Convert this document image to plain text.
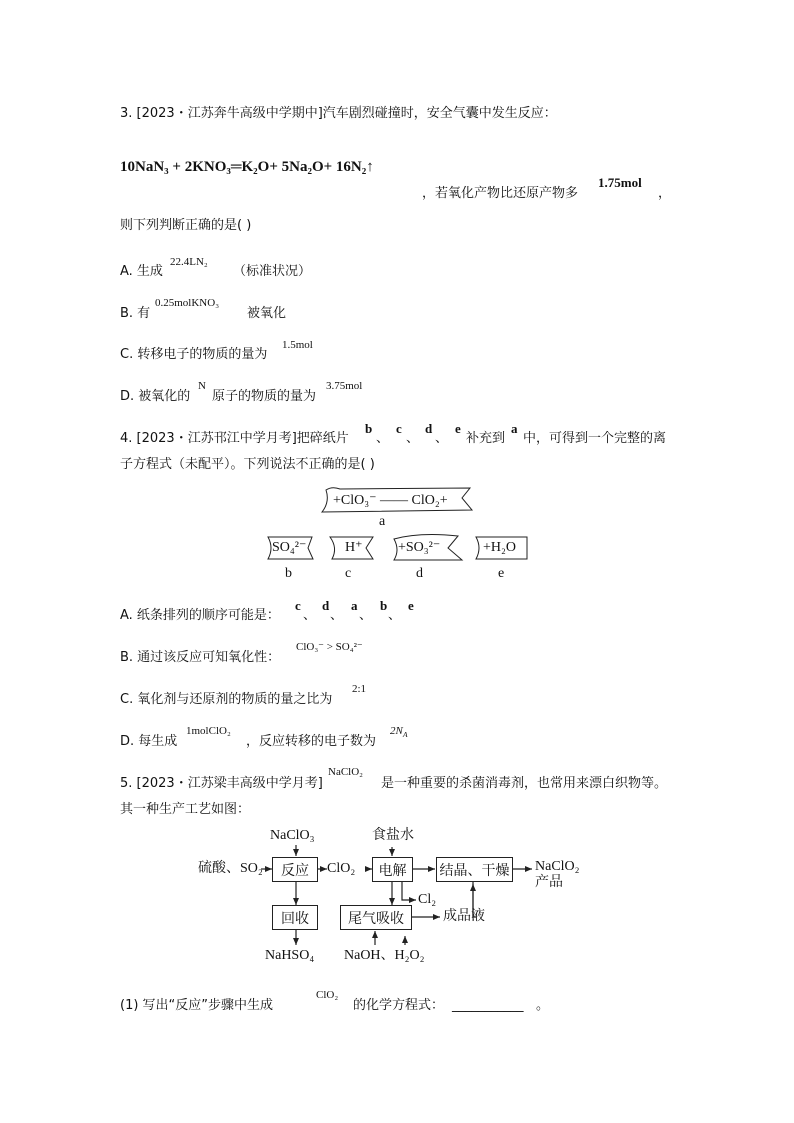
3. [2023・江苏奔牛高级中学期中]汽车剧烈碰撞时，安全气囊中发生反应：
10NaN₃ + 2KNO₃═K₂O+ 5Na₂O+ 16N₂↑
，若氧化产物比还原产物多
1.75mol
，
则下列判断正确的是( )
A. 生成
22.4LN₂
（标准状况）
B. 有
0.25molKNO₃
被氧化
C. 转移电子的物质的量为
1.5mol
D. 被氧化的
N
原子的物质的量为
3.75mol
4. [2023・江苏邗江中学月考]把碎纸片
b
、
c
、
d
、
e
补充到
a
中，可得到一个完整的离
子方程式（未配平）。下列说法不正确的是( )
+ClO₃⁻ —— ClO₂+
a
SO₄²⁻
b
H⁺
c
+SO₃²⁻
d
+H₂O
e
A. 纸条排列的顺序可能是：
c
、
d
、
a
、
b
、
e
B. 通过该反应可知氧化性：
ClO₃⁻ > SO₄²⁻
C. 氧化剂与还原剂的物质的量之比为
2:1
D. 每生成
1molClO₂
，反应转移的电子数为
$2N_A$
5. [2023・江苏梁丰高级中学月考]
NaClO₂
是一种重要的杀菌消毒剂，也常用来漂白织物等。
其一种生产工艺如图：
NaClO₃	食盐水
硫酸、SO₂	反应	ClO₂	电解	结晶、干燥 NaClO₂
产品
Cl₂
回收	尾气吸收	成品液
NaHSO₄ NaOH、H₂O₂
(1) 写出“反应”步骤中生成
ClO₂
的化学方程式： ___________ 。
